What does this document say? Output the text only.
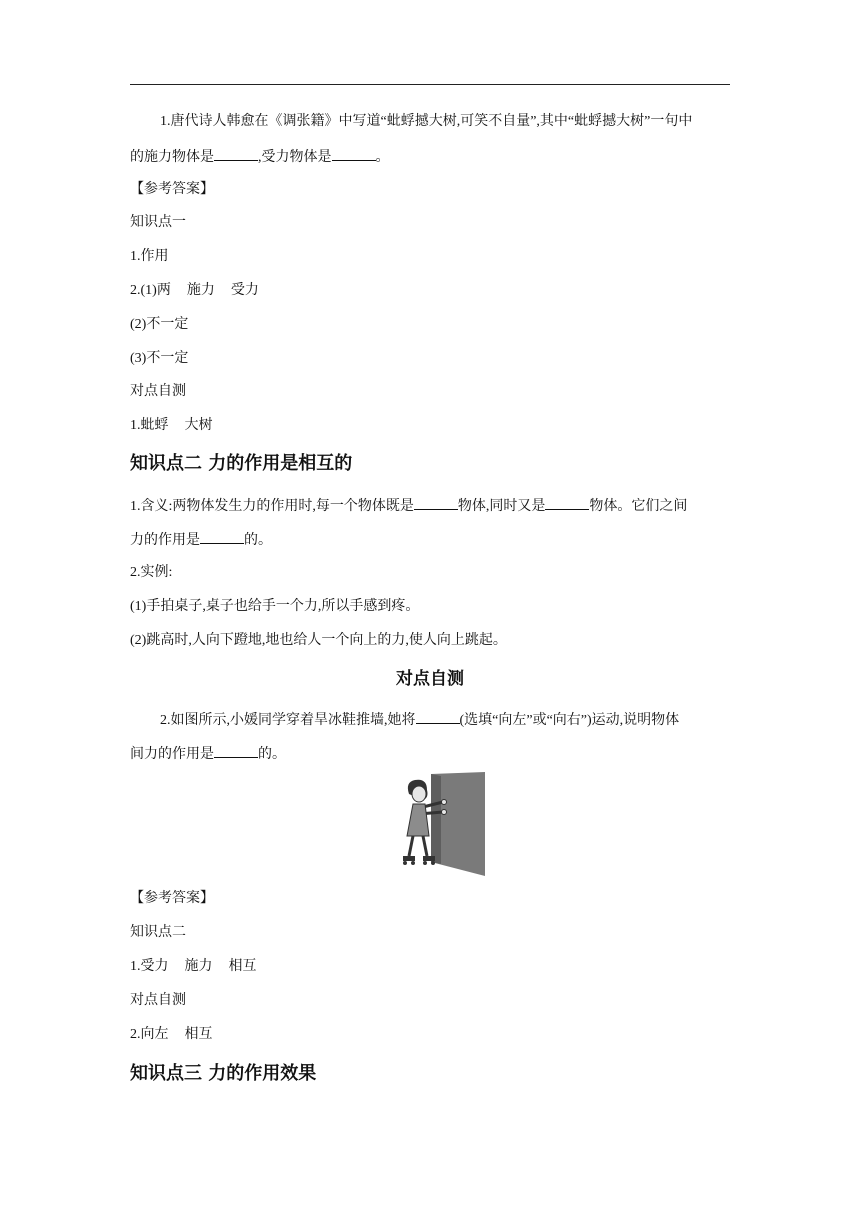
1.唐代诗人韩愈在《调张籍》中写道“蚍蜉撼大树,可笑不自量”,其中“蚍蜉撼大树”一句中
的施力物体是	,受力物体是	。
【参考答案】
知识点一
1.作用
2.(1)两 施力 受力
(2)不一定
(3)不一定
对点自测
1.蚍蜉 大树
知识点二 力的作用是相互的
1.含义:两物体发生力的作用时,每一个物体既是	物体,同时又是	物体。它们之间
力的作用是	的。
2.实例:
(1)手拍桌子,桌子也给手一个力,所以手感到疼。
(2)跳高时,人向下蹬地,地也给人一个向上的力,使人向上跳起。
对点自测
2.如图所示,小媛同学穿着旱冰鞋推墙,她将	(选填“向左”或“向右”)运动,说明物体
间力的作用是	的。
【参考答案】
知识点二
1.受力 施力 相互
对点自测
2.向左 相互
知识点三 力的作用效果
